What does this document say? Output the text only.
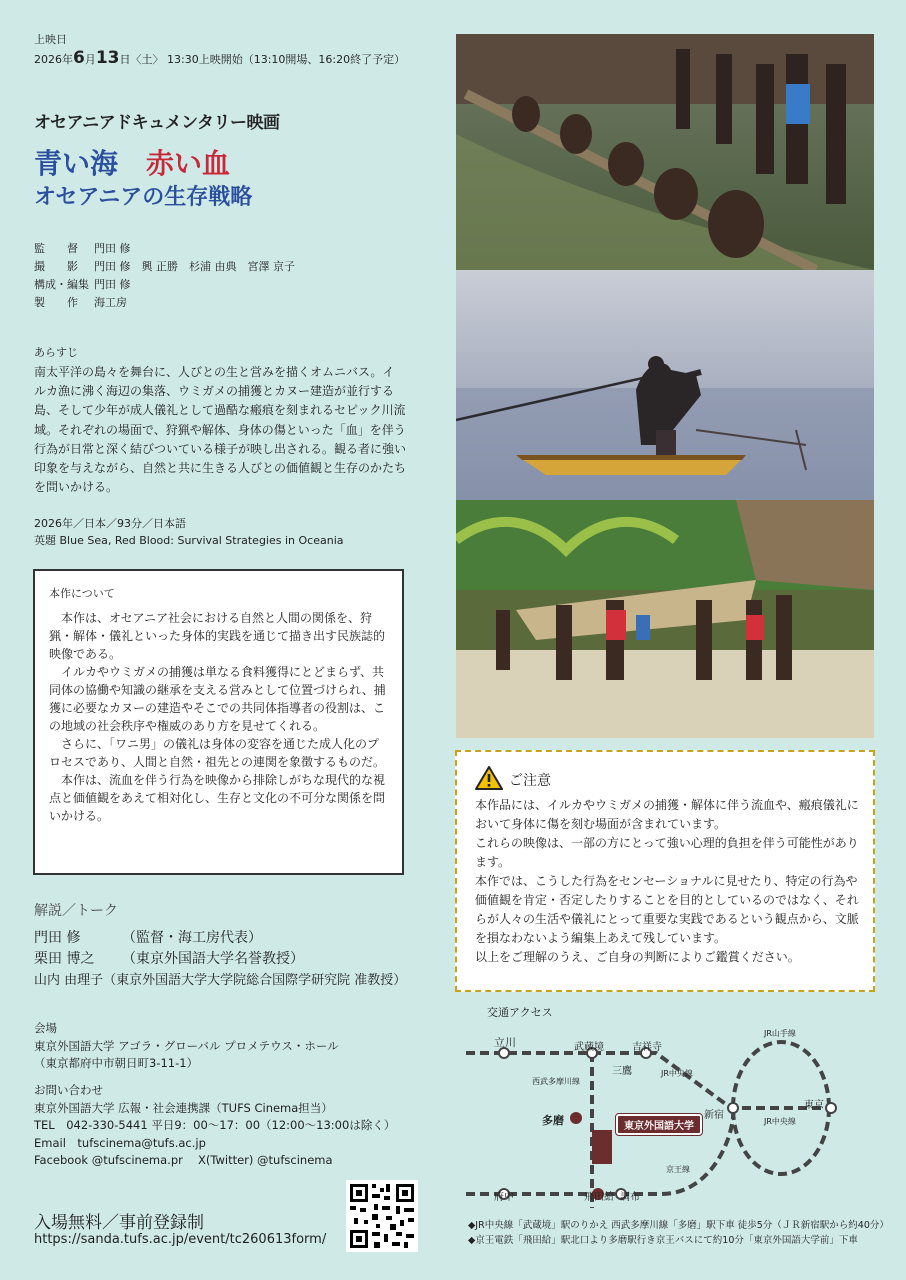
上映日
2026年6月13日〈土〉 13:30上映開始（13:10開場、16:20終了予定）
オセアニアドキュメンタリー映画
青い海　 赤い血
オセアニアの生存戦略
監　　督	門田 修
撮　　影	門田 修　興 正勝　杉浦 由典　宮澤 京子
構成・編集 門田 修
製　　作	海工房
あらすじ
南太平洋の島々を舞台に、人びとの生と営みを描くオムニバス。イルカ漁に沸く海辺の集落、ウミガメの捕獲とカヌー建造が並行する島、そして少年が成人儀礼として過酷な瘢痕を刻まれるセピック川流域。それぞれの場面で、狩猟や解体、身体の傷といった「血」を伴う行為が日常と深く結びついている様子が映し出される。観る者に強い印象を与えながら、自然と共に生きる人びとの価値観と生存のかたちを問いかける。
2026年／日本／93分／日本語
英題 Blue Sea, Red Blood: Survival Strategies in Oceania
本作について

本作は、オセアニア社会における自然と人間の関係を、狩猟・解体・儀礼といった身体的実践を通じて描き出す民族誌的映像である。

イルカやウミガメの捕獲は単なる食料獲得にとどまらず、共同体の協働や知識の継承を支える営みとして位置づけられ、捕獲に必要なカヌーの建造やそこでの共同体指導者の役割は、この地域の社会秩序や権威のあり方を見せてくれる。

さらに、「ワニ男」の儀礼は身体の変容を通じた成人化のプロセスであり、人間と自然・祖先との連関を象徴するものだ。

本作は、流血を伴う行為を映像から排除しがちな現代的な視点と価値観をあえて相対化し、生存と文化の不可分な関係を問いかける。

解説／トーク
門田 修	（監督・海工房代表）
栗田 博之 （東京外国語大学名誉教授）
山内 由理子（東京外国語大学大学院総合国際学研究院 准教授）
会場
東京外国語大学 アゴラ・グローバル プロメテウス・ホール
（東京都府中市朝日町3-11-1）
お問い合わせ
東京外国語大学 広報・社会連携課（TUFS Cinema担当）
TEL　042-330-5441 平日9：00～17：00（12:00～13:00は除く）
Email　tufscinema@tufs.ac.jp
Facebook @tufscinema.pr　 X(Twitter) @tufscinema
入場無料／事前登録制
https://sanda.tufs.ac.jp/event/tc260613form/
ご注意

本作品には、イルカやウミガメの捕獲・解体に伴う流血や、瘢痕儀礼において身体に傷を刻む場面が含まれています。

これらの映像は、一部の方にとって強い心理的負担を伴う可能性があります。

本作では、こうした行為をセンセーショナルに見せたり、特定の行為や価値観を肯定・否定したりすることを目的としているのではなく、それらが人々の生活や儀礼にとって重要な実践であるという観点から、文脈を損なわないよう編集上あえて残しています。

以上をご理解のうえ、ご自身の判断によりご鑑賞ください。

交通アクセス
立川	武蔵境	吉祥寺
三鷹
新宿
東京
多磨
府中	飛田給 調布
JR山手線
JR中央線
JR中央線
西武多摩川線
京王線
東京外国語大学
◆JR中央線「武蔵境」駅のりかえ 西武多摩川線「多磨」駅下車 徒歩5分（ＪＲ新宿駅から約40分）
◆京王電鉄「飛田給」駅北口より多磨駅行き京王バスにて約10分「東京外国語大学前」下車
